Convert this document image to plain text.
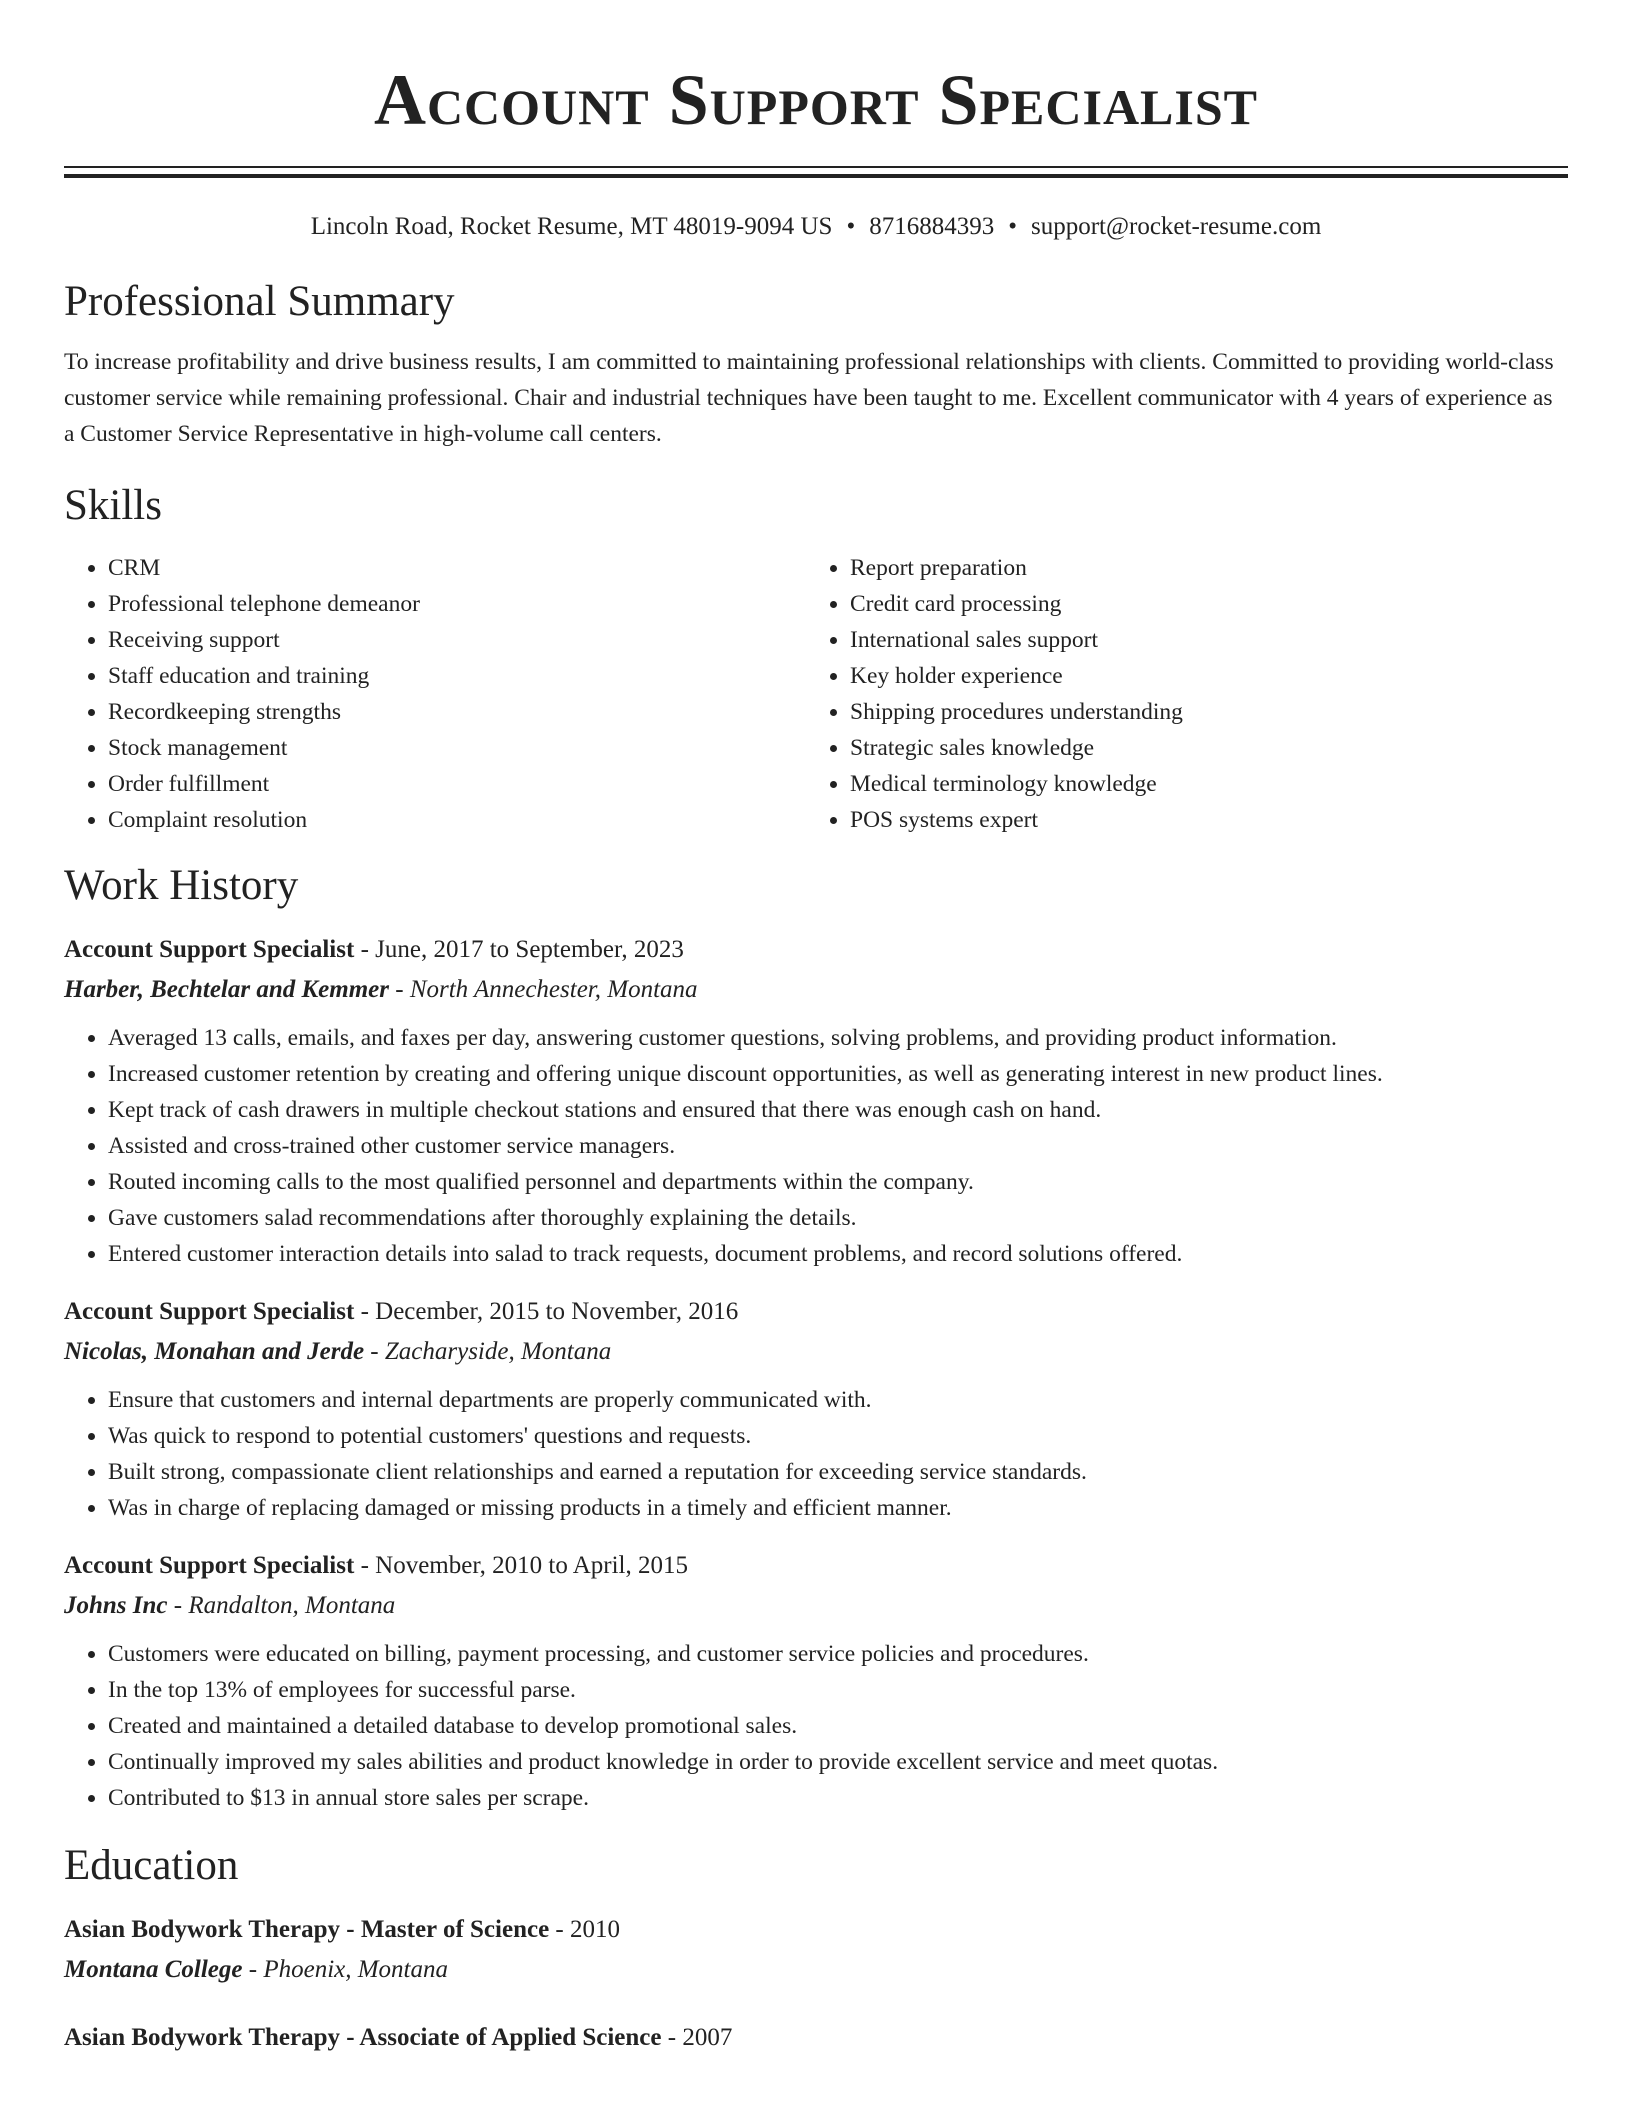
Account Support Specialist
Lincoln Road, Rocket Resume, MT 48019-9094 US • 8716884393 • support@rocket-resume.com
Professional Summary

To increase profitability and drive business results, I am committed to maintaining professional relationships with clients. Committed to providing world-class customer service while remaining professional. Chair and industrial techniques have been taught to me. Excellent communicator with 4 years of experience as a Customer Service Representative in high-volume call centers.

Skills
• CRM
• Professional telephone demeanor
• Receiving support
• Staff education and training
• Recordkeeping strengths
• Stock management
• Order fulfillment
• Complaint resolution
• Report preparation
• Credit card processing
• International sales support
• Key holder experience
• Shipping procedures understanding
• Strategic sales knowledge
• Medical terminology knowledge
• POS systems expert
Work History
Account Support Specialist - June, 2017 to September, 2023
Harber, Bechtelar and Kemmer - North Annechester, Montana
• Averaged 13 calls, emails, and faxes per day, answering customer questions, solving problems, and providing product information.
• Increased customer retention by creating and offering unique discount opportunities, as well as generating interest in new product lines.
• Kept track of cash drawers in multiple checkout stations and ensured that there was enough cash on hand.
• Assisted and cross-trained other customer service managers.
• Routed incoming calls to the most qualified personnel and departments within the company.
• Gave customers salad recommendations after thoroughly explaining the details.
• Entered customer interaction details into salad to track requests, document problems, and record solutions offered.
Account Support Specialist - December, 2015 to November, 2016
Nicolas, Monahan and Jerde - Zacharyside, Montana
• Ensure that customers and internal departments are properly communicated with.
• Was quick to respond to potential customers' questions and requests.
• Built strong, compassionate client relationships and earned a reputation for exceeding service standards.
• Was in charge of replacing damaged or missing products in a timely and efficient manner.
Account Support Specialist - November, 2010 to April, 2015
Johns Inc - Randalton, Montana
• Customers were educated on billing, payment processing, and customer service policies and procedures.
• In the top 13% of employees for successful parse.
• Created and maintained a detailed database to develop promotional sales.
• Continually improved my sales abilities and product knowledge in order to provide excellent service and meet quotas.
• Contributed to $13 in annual store sales per scrape.
Education
Asian Bodywork Therapy - Master of Science - 2010
Montana College - Phoenix, Montana
Asian Bodywork Therapy - Associate of Applied Science - 2007
